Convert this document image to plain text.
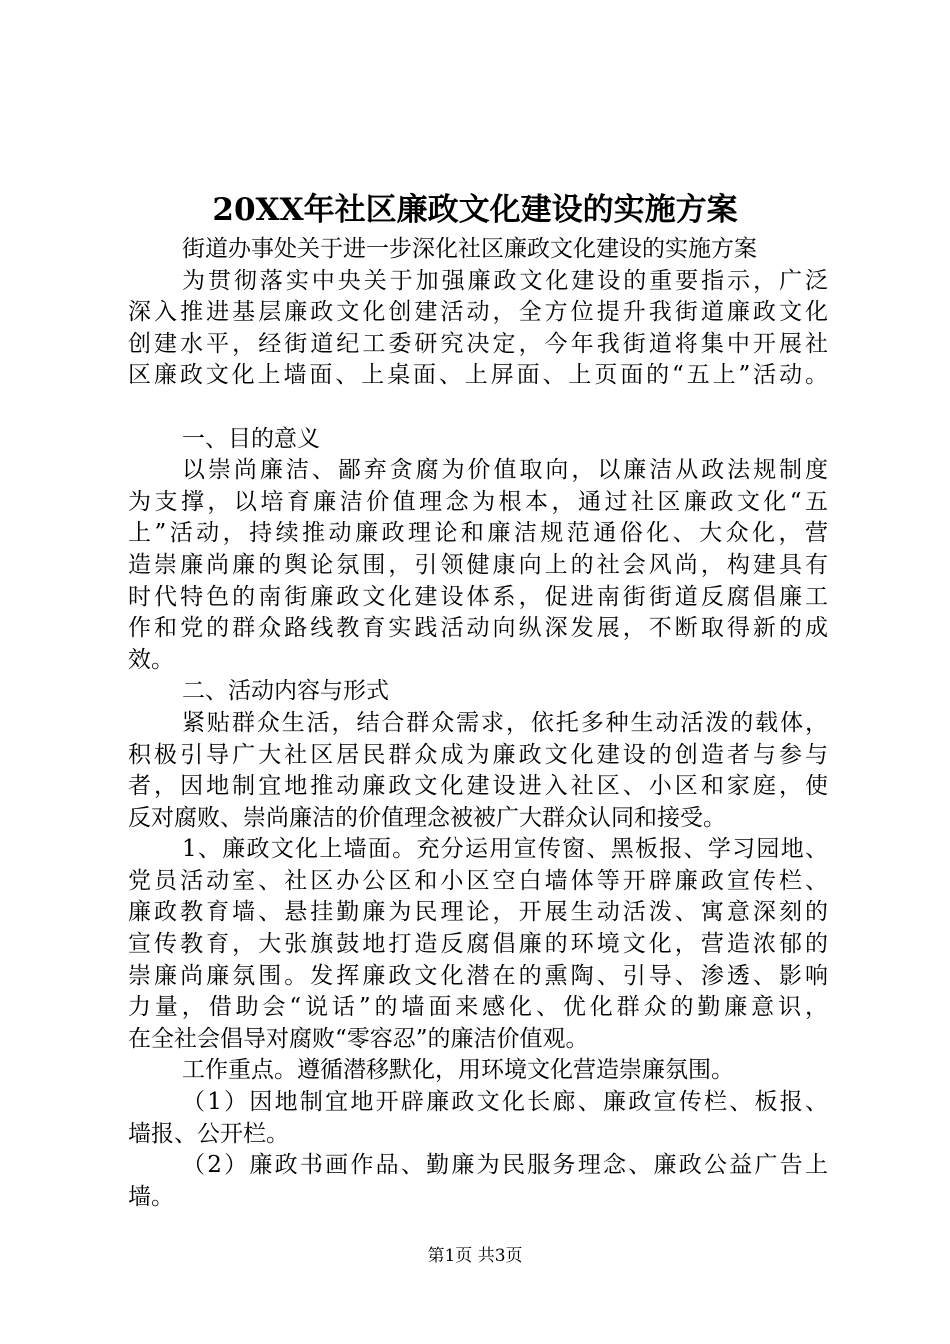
20XX年社区廉政文化建设的实施方案
街道办事处关于进一步深化社区廉政文化建设的实施方案
为贯彻落实中央关于加强廉政文化建设的重要指示，广泛
深入推进基层廉政文化创建活动，全方位提升我街道廉政文化
创建水平，经街道纪工委研究决定，今年我街道将集中开展社
区廉政文化上墙面、上桌面、上屏面、上页面的“五上”活动。
一、目的意义
以崇尚廉洁、鄙弃贪腐为价值取向，以廉洁从政法规制度
为支撑，以培育廉洁价值理念为根本，通过社区廉政文化“五
上”活动，持续推动廉政理论和廉洁规范通俗化、大众化，营
造崇廉尚廉的舆论氛围，引领健康向上的社会风尚，构建具有
时代特色的南街廉政文化建设体系，促进南街街道反腐倡廉工
作和党的群众路线教育实践活动向纵深发展，不断取得新的成
效。
二、活动内容与形式
紧贴群众生活，结合群众需求，依托多种生动活泼的载体，
积极引导广大社区居民群众成为廉政文化建设的创造者与参与
者，因地制宜地推动廉政文化建设进入社区、小区和家庭，使
反对腐败、崇尚廉洁的价值理念被被广大群众认同和接受。
1、廉政文化上墙面。充分运用宣传窗、黑板报、学习园地、
党员活动室、社区办公区和小区空白墙体等开辟廉政宣传栏、
廉政教育墙、悬挂勤廉为民理论，开展生动活泼、寓意深刻的
宣传教育，大张旗鼓地打造反腐倡廉的环境文化，营造浓郁的
崇廉尚廉氛围。发挥廉政文化潜在的熏陶、引导、渗透、影响
力量，借助会“说话”的墙面来感化、优化群众的勤廉意识，
在全社会倡导对腐败“零容忍”的廉洁价值观。
工作重点。遵循潜移默化，用环境文化营造崇廉氛围。
（1）因地制宜地开辟廉政文化长廊、廉政宣传栏、板报、
墙报、公开栏。
（2）廉政书画作品、勤廉为民服务理念、廉政公益广告上
墙。
第1页 共3页
